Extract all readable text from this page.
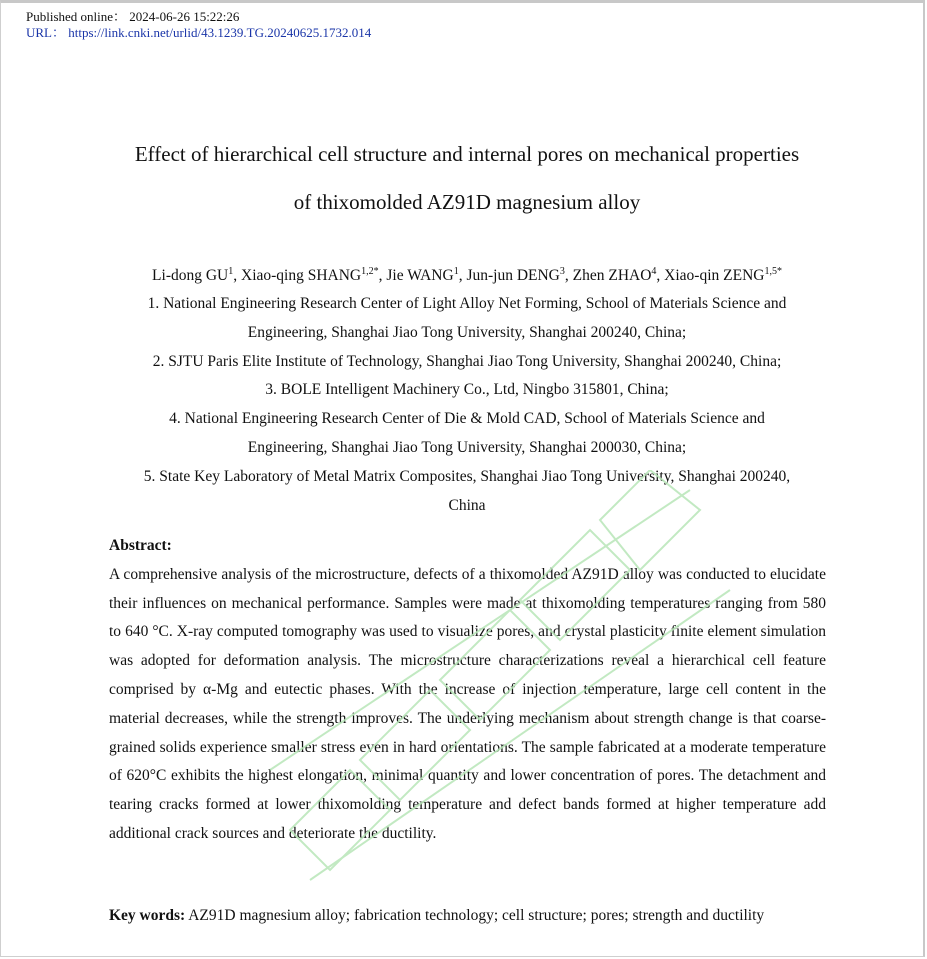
Published online： 2024-06-26 15:22:26
URL： https://link.cnki.net/urlid/43.1239.TG.20240625.1732.014
Effect of hierarchical cell structure and internal pores on mechanical properties
of thixomolded AZ91D magnesium alloy
Li-dong $GU^1$, Xiao-qing $SHANG^{1,2*}$, Jie WANG$^1$, Jun-jun DENG$^3$, Zhen ZHAO$^4$, Xiao-qin $ZENG^{1,5*}$
1. National Engineering Research Center of Light Alloy Net Forming, School of Materials Science and
Engineering, Shanghai Jiao Tong University, Shanghai 200240, China;
2. SJTU Paris Elite Institute of Technology, Shanghai Jiao Tong University, Shanghai 200240, China;
3. BOLE Intelligent Machinery Co., Ltd, Ningbo 315801, China;
4. National Engineering Research Center of Die & Mold CAD, School of Materials Science and
Engineering, Shanghai Jiao Tong University, Shanghai 200030, China;
5. State Key Laboratory of Metal Matrix Composites, Shanghai Jiao Tong University, Shanghai 200240,
China
Abstract:
A comprehensive analysis of the microstructure, defects of a thixomolded AZ91D alloy was conducted to elucidate their influences on mechanical performance. Samples were made at thixomolding temperatures ranging from 580 to 640 °C. X-ray computed tomography was used to visualize pores, and crystal plasticity finite element simulation was adopted for deformation analysis. The microstructure characterizations reveal a hierarchical cell feature comprised by α-Mg and eutectic phases. With the increase of injection temperature, large cell content in the material decreases, while the strength improves. The underlying mechanism about strength change is that coarse-grained solids experience smaller stress even in hard orientations. The sample fabricated at a moderate temperature of 620°C exhibits the highest elongation, minimal quantity and lower concentration of pores. The detachment and tearing cracks formed at lower thixomolding temperature and defect bands formed at higher temperature add additional crack sources and deteriorate the ductility.
Key words: AZ91D magnesium alloy; fabrication technology; cell structure; pores; strength and ductility
